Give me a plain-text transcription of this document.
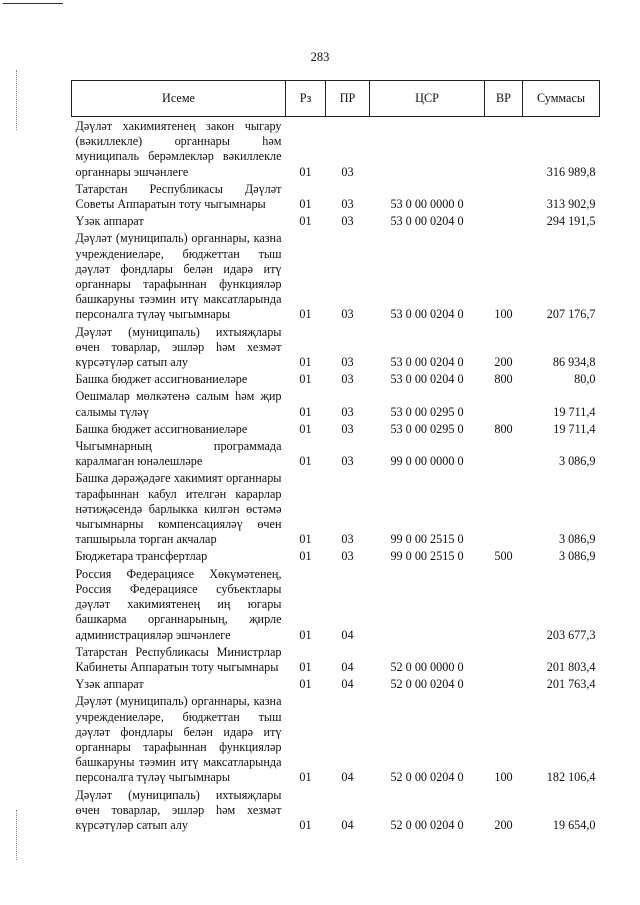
283
Исеме	Рз	ПР	ЦСР	ВР	Суммасы
Дәүләт хакимиятенең закон чыгару (вәкиллекле) органнары һәм муниципаль берәмлекләр вәкиллекле органнары эшчәнлеге	01	03			316 989,8
Татарстан Республикасы Дәүләт Советы Аппаратын тоту чыгымнары	01	03	53 0 00 0000 0		313 902,9
Үзәк аппарат	01	03	53 0 00 0204 0		294 191,5
Дәүләт (муниципаль) органнары, казна учреждениеләре, бюджеттан тыш дәүләт фондлары белән идарә итү органнары тарафыннан функцияләр башкаруны тәэмин итү максатларында персоналга түләү чыгымнары	01	03	53 0 00 0204 0	100	207 176,7
Дәүләт (муниципаль) ихтыяҗлары өчен товарлар, эшләр һәм хезмәт күрсәтүләр сатып алу	01	03	53 0 00 0204 0	200	86 934,8
Башка бюджет ассигнованиеләре	01	03	53 0 00 0204 0	800	80,0
Оешмалар мөлкәтенә салым һәм җир салымы түләү	01	03	53 0 00 0295 0		19 711,4
Башка бюджет ассигнованиеләре	01	03	53 0 00 0295 0	800	19 711,4
Чыгымнарның программада каралмаган юнәлешләре	01	03	99 0 00 0000 0		3 086,9
Башка дәрәҗәдәге хакимият органнары тарафыннан кабул ителгән карарлар нәтиҗәсендә барлыкка килгән өстәмә чыгымнарны компенсацияләү өчен тапшырыла торган акчалар	01	03	99 0 00 2515 0		3 086,9
Бюджетара трансфертлар	01	03	99 0 00 2515 0	500	3 086,9
Россия Федерациясе Хөкүмәтенең, Россия Федерациясе субъектлары дәүләт хакимиятенең иң югары башкарма органнарының, җирле администрацияләр эшчәнлеге	01	04			203 677,3
Татарстан Республикасы Министрлар Кабинеты Аппаратын тоту чыгымнары	01	04	52 0 00 0000 0		201 803,4
Үзәк аппарат	01	04	52 0 00 0204 0		201 763,4
Дәүләт (муниципаль) органнары, казна учреждениеләре, бюджеттан тыш дәүләт фондлары белән идарә итү органнары тарафыннан функцияләр башкаруны тәэмин итү максатларында персоналга түләү чыгымнары	01	04	52 0 00 0204 0	100	182 106,4
Дәүләт (муниципаль) ихтыяҗлары өчен товарлар, эшләр һәм хезмәт күрсәтүләр сатып алу	01	04	52 0 00 0204 0	200	19 654,0
